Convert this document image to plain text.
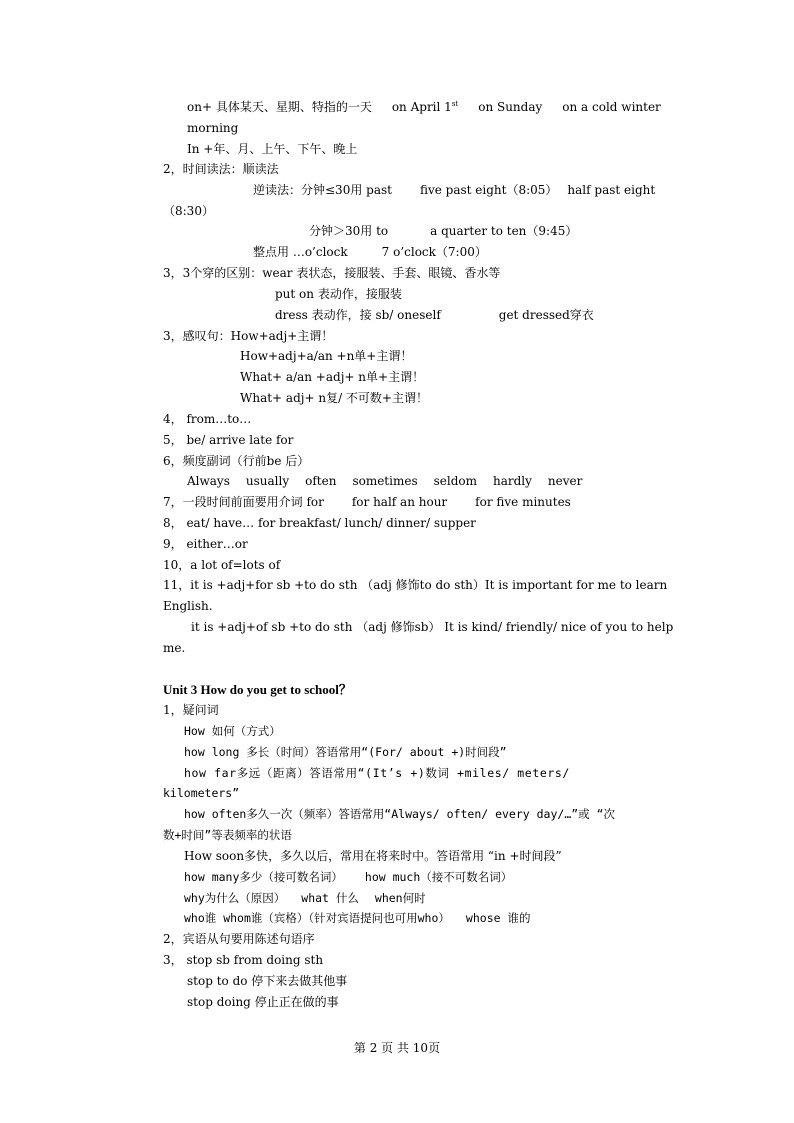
on+ 具体某天、星期、特指的一天 on April 1st on Sunday on a cold winter
morning
In +年、月、上午、下午、晚上
2，时间读法：顺读法
逆读法：分钟≤30用 past five past eight（8:05） half past eight
（8:30）
分钟＞30用 to	a quarter to ten（9:45）
整点用 …o’clock	7 o’clock（7:00）
3，3个穿的区别：wear 表状态，接服装、手套、眼镜、香水等
put on 表动作，接服装
dress 表动作，接 sb/ oneself	get dressed穿衣
3，感叹句：How+adj+主谓！
How+adj+a/an +n单+主谓！
What+ a/an +adj+ n单+主谓！
What+ adj+ n复/ 不可数+主谓！
4， from…to…
5， be/ arrive late for
6，频度副词（行前be 后）
Always usually often sometimes seldom hardly never
7，一段时间前面要用介词 for for half an hour for five minutes
8， eat/ have… for breakfast/ lunch/ dinner/ supper
9， either…or
10，a lot of=lots of
11，it is +adj+for sb +to do sth （adj 修饰to do sth）It is important for me to learn
English.
it is +adj+of sb +to do sth （adj 修饰sb） It is kind/ friendly/ nice of you to help
me.
Unit 3 How do you get to school？
1，疑问词
How 如何（方式）
how long 多长（时间）答语常用“(For/ about +)时间段”
how far多远（距离）答语常用“(It’s +)数词 +miles/ meters/
kilometers”
how often多久一次（频率）答语常用“Always/ often/ every day/…”或 “次
数+时间”等表频率的状语
How soon多快，多久以后，常用在将来时中。答语常用 “in +时间段”
how many多少（接可数名词） how much（接不可数名词）
why为什么（原因） what 什么 when何时
who谁 whom谁（宾格）（针对宾语提问也可用who） whose 谁的
2，宾语从句要用陈述句语序
3， stop sb from doing sth
stop to do 停下来去做其他事
stop doing 停止正在做的事
第 2 页 共 10页
